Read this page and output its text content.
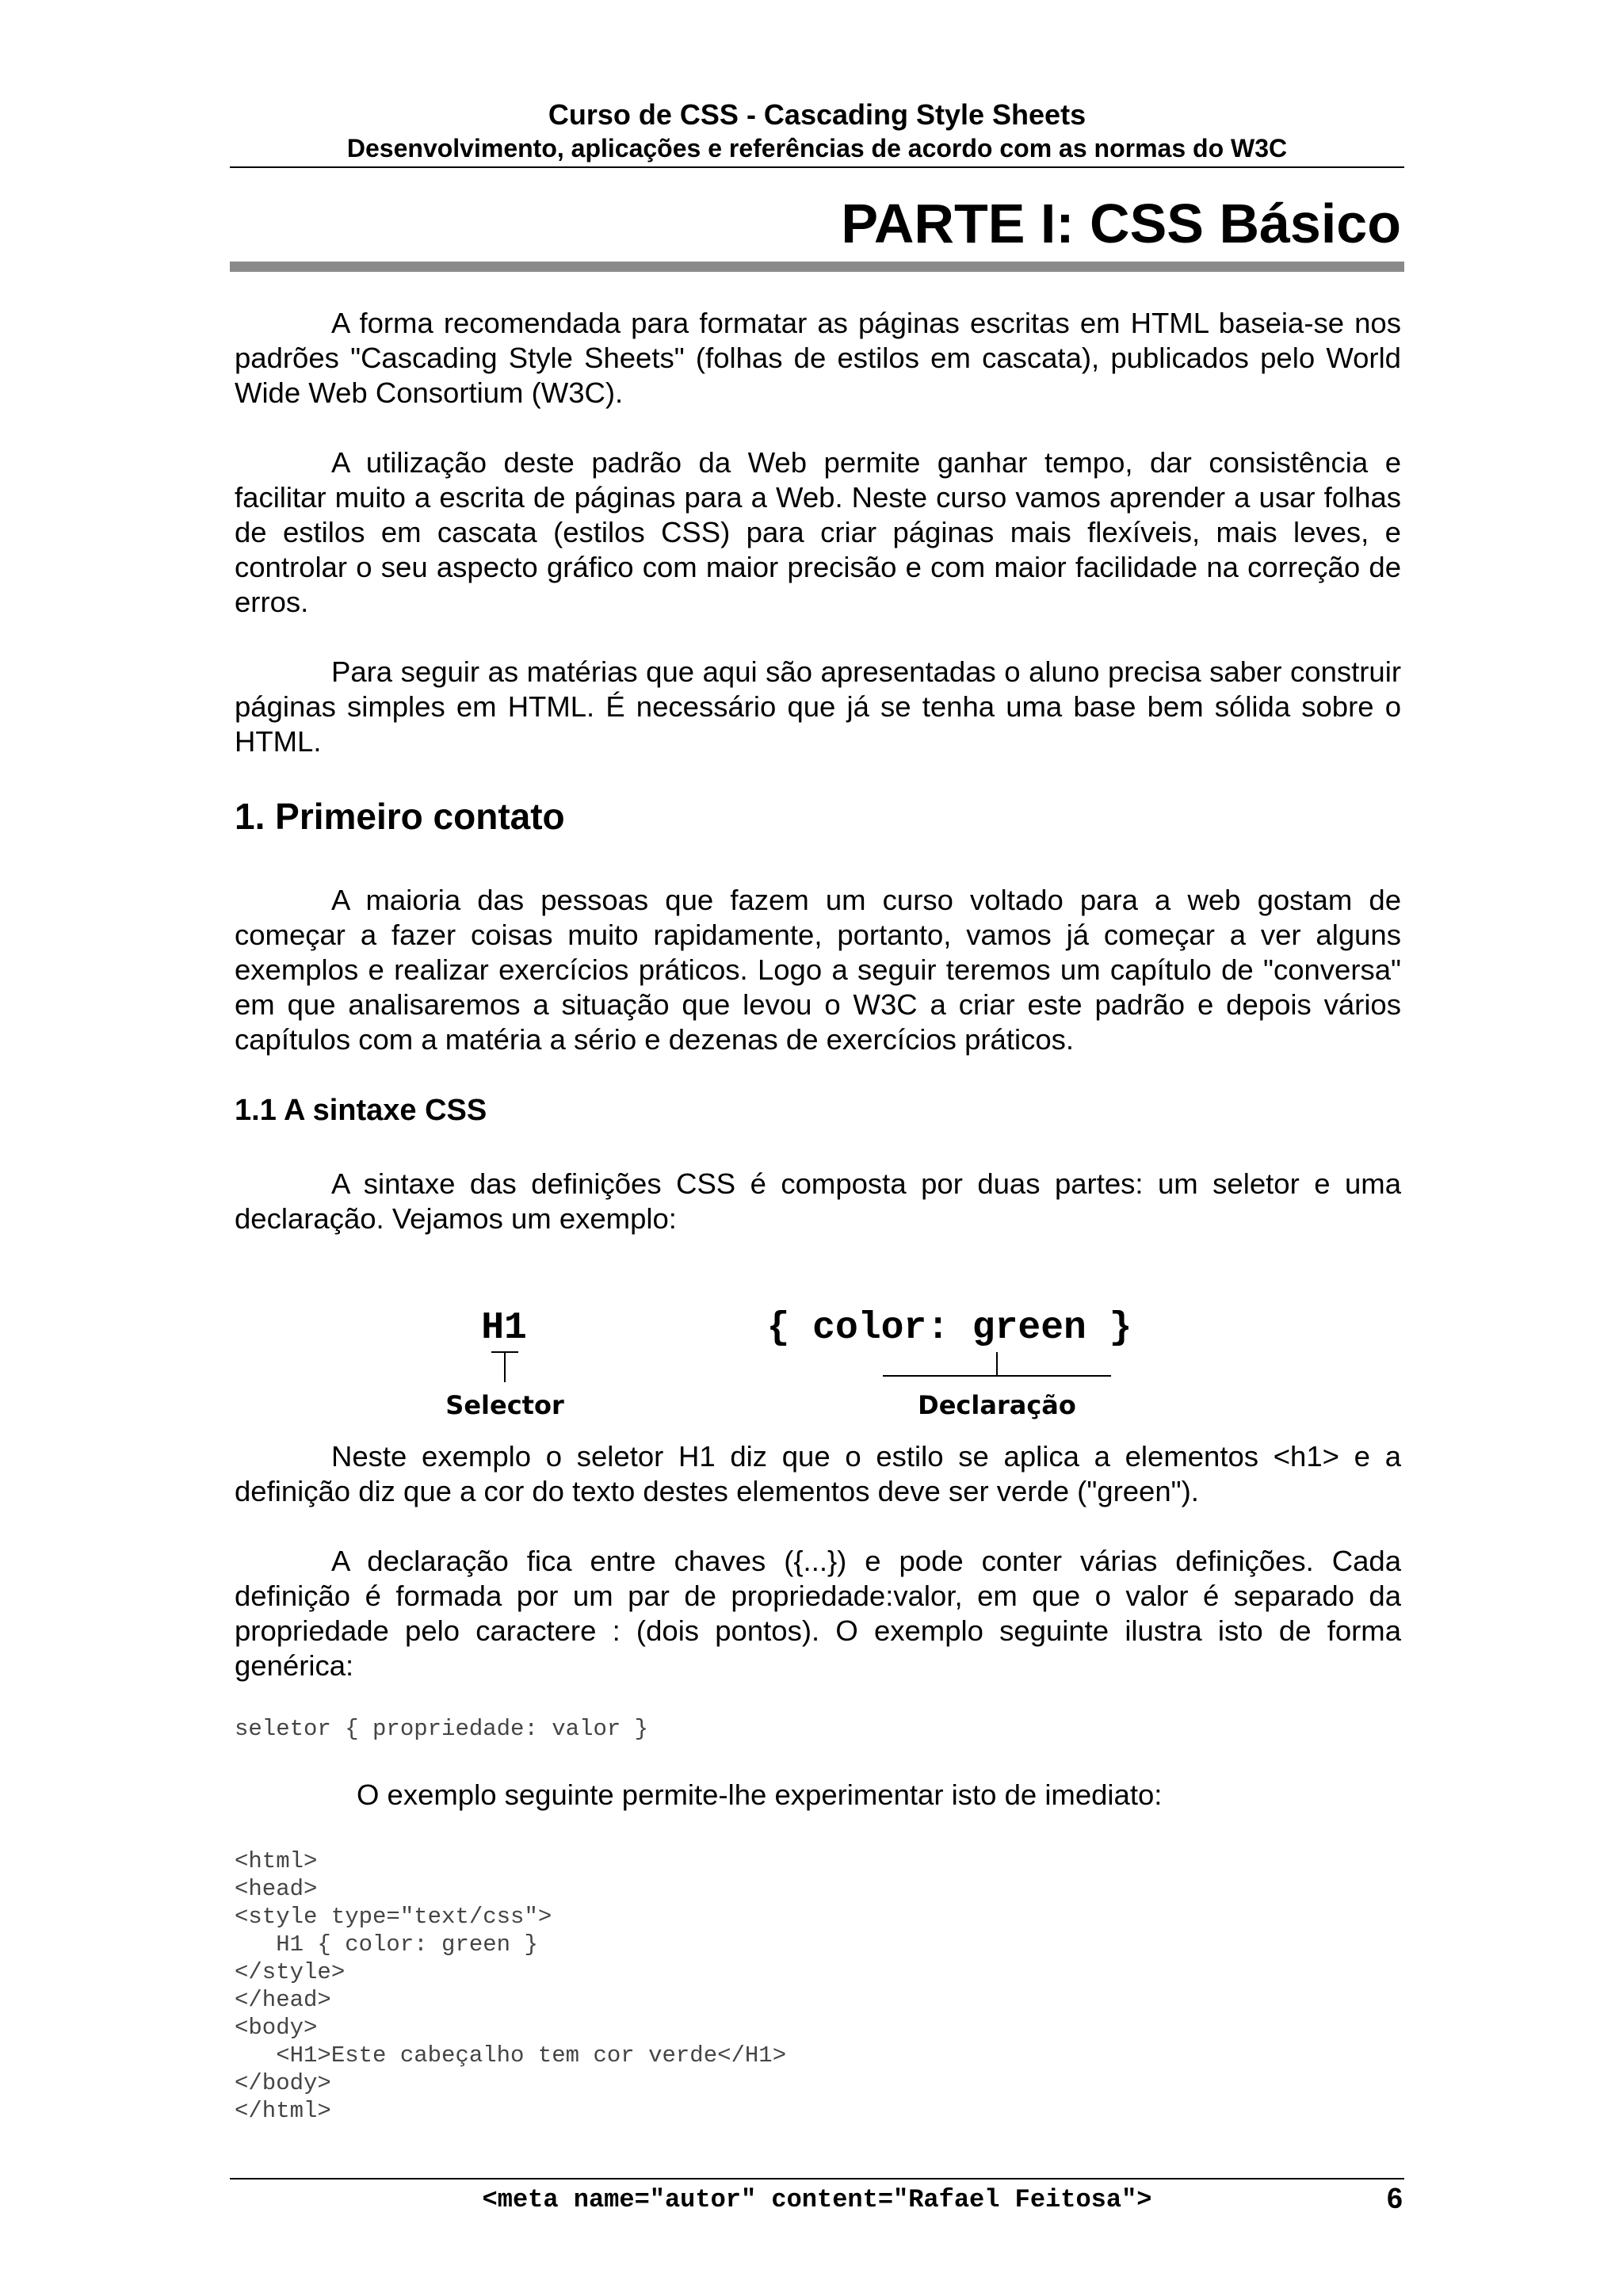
Curso de CSS - Cascading Style Sheets
Desenvolvimento, aplicações e referências de acordo com as normas do W3C
PARTE I: CSS Básico

A forma recomendada para formatar as páginas escritas em HTML baseia-se nos padrões "Cascading Style Sheets" (folhas de estilos em cascata), publicados pelo World Wide Web Consortium (W3C).

A utilização deste padrão da Web permite ganhar tempo, dar consistência e facilitar muito a escrita de páginas para a Web. Neste curso vamos aprender a usar folhas de estilos em cascata (estilos CSS) para criar páginas mais flexíveis, mais leves, e controlar o seu aspecto gráfico com maior precisão e com maior facilidade na correção de erros.

Para seguir as matérias que aqui são apresentadas o aluno precisa saber construir páginas simples em HTML. É necessário que já se tenha uma base bem sólida sobre o HTML.

1. Primeiro contato

A maioria das pessoas que fazem um curso voltado para a web gostam de começar a fazer coisas muito rapidamente, portanto, vamos já começar a ver alguns exemplos e realizar exercícios práticos. Logo a seguir teremos um capítulo de "conversa" em que analisaremos a situação que levou o W3C a criar este padrão e depois vários capítulos com a matéria a sério e dezenas de exercícios práticos.

1.1 A sintaxe CSS

A sintaxe das definições CSS é composta por duas partes: um seletor e uma declaração. Vejamos um exemplo:

H1
Selector
{ color: green }
Declaração

Neste exemplo o seletor H1 diz que o estilo se aplica a elementos <h1> e a definição diz que a cor do texto destes elementos deve ser verde ("green").

A declaração fica entre chaves ({...}) e pode conter várias definições. Cada definição é formada por um par de propriedade:valor, em que o valor é separado da propriedade pelo caractere : (dois pontos). O exemplo seguinte ilustra isto de forma genérica:

seletor { propriedade: valor }

O exemplo seguinte permite-lhe experimentar isto de imediato:

<html>
<head>
<style type="text/css">
H1 { color: green }
</style>
</head>
<body>
<H1>Este cabeçalho tem cor verde</H1>
</body>
</html>
<meta name="autor" content="Rafael Feitosa">	6
